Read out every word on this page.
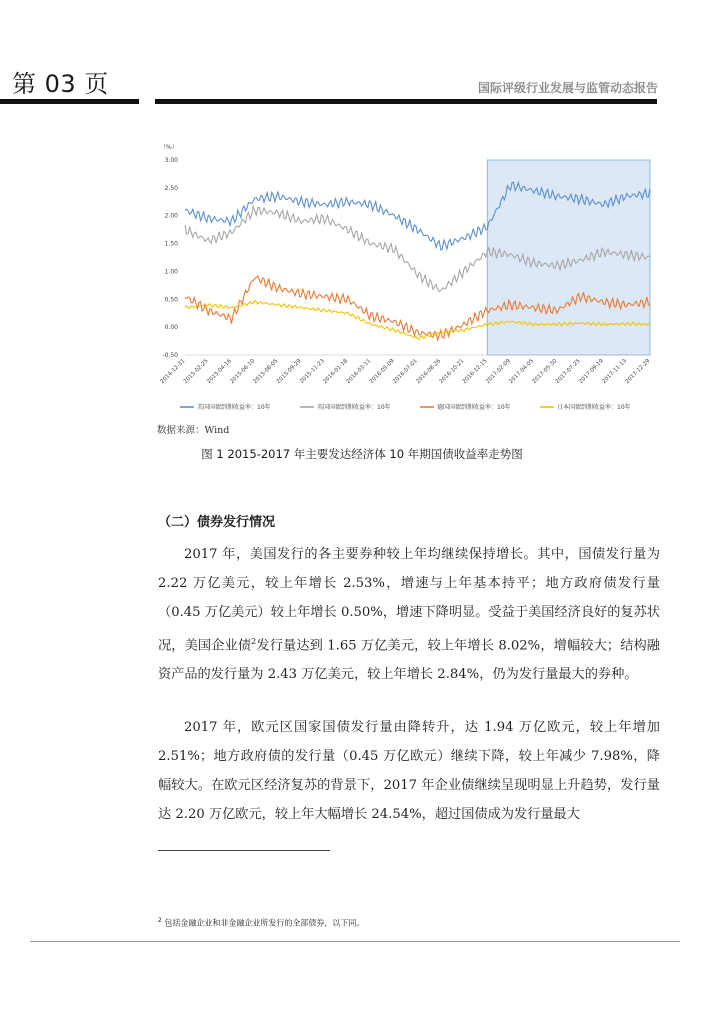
第 03 页	国际评级行业发展与监管动态报告
（%）
3.00
2.50
2.00
1.50
1.00
0.50
0.00
-0.50
2014-12-31
2015-02-25
2015-04-16
2015-06-10
2015-08-05
2015-09-29
2015-11-23
2016-01-18
2016-03-11
2016-05-09
2016-07-01
2016-08-26
2016-10-21
2016-12-15
2017-02-09
2017-04-05
2017-05-30
2017-07-25
2017-09-19
2017-11-13
2017-12-29
美国国债到期收益率：10年	英国国债到期收益率：10年	德国国债到期收益率：10年	日本国债到期收益率：10年
数据来源：Wind
图 1 2015-2017 年主要发达经济体 10 年期国债收益率走势图
（二）债券发行情况

2017 年，美国发行的各主要券种较上年均继续保持增长。其中，国债发行量为 2.22 万亿美元，较上年增长 2.53%，增速与上年基本持平；地方政府债发行量（0.45 万亿美元）较上年增长 0.50%，增速下降明显。受益于美国经济良好的复苏状况，美国企业债$^2$发行量达到 1.65 万亿美元，较上年增长 8.02%，增幅较大；结构融资产品的发行量为 2.43 万亿美元，较上年增长 2.84%，仍为发行量最大的券种。

2017 年，欧元区国家国债发行量由降转升，达 1.94 万亿欧元，较上年增加 2.51%；地方政府债的发行量（0.45 万亿欧元）继续下降，较上年减少 7.98%，降幅较大。在欧元区经济复苏的背景下，2017 年企业债继续呈现明显上升趋势，发行量达 2.20 万亿欧元，较上年大幅增长 24.54%，超过国债成为发行量最大

$^2$ 包括金融企业和非金融企业所发行的全部债券，以下同。
